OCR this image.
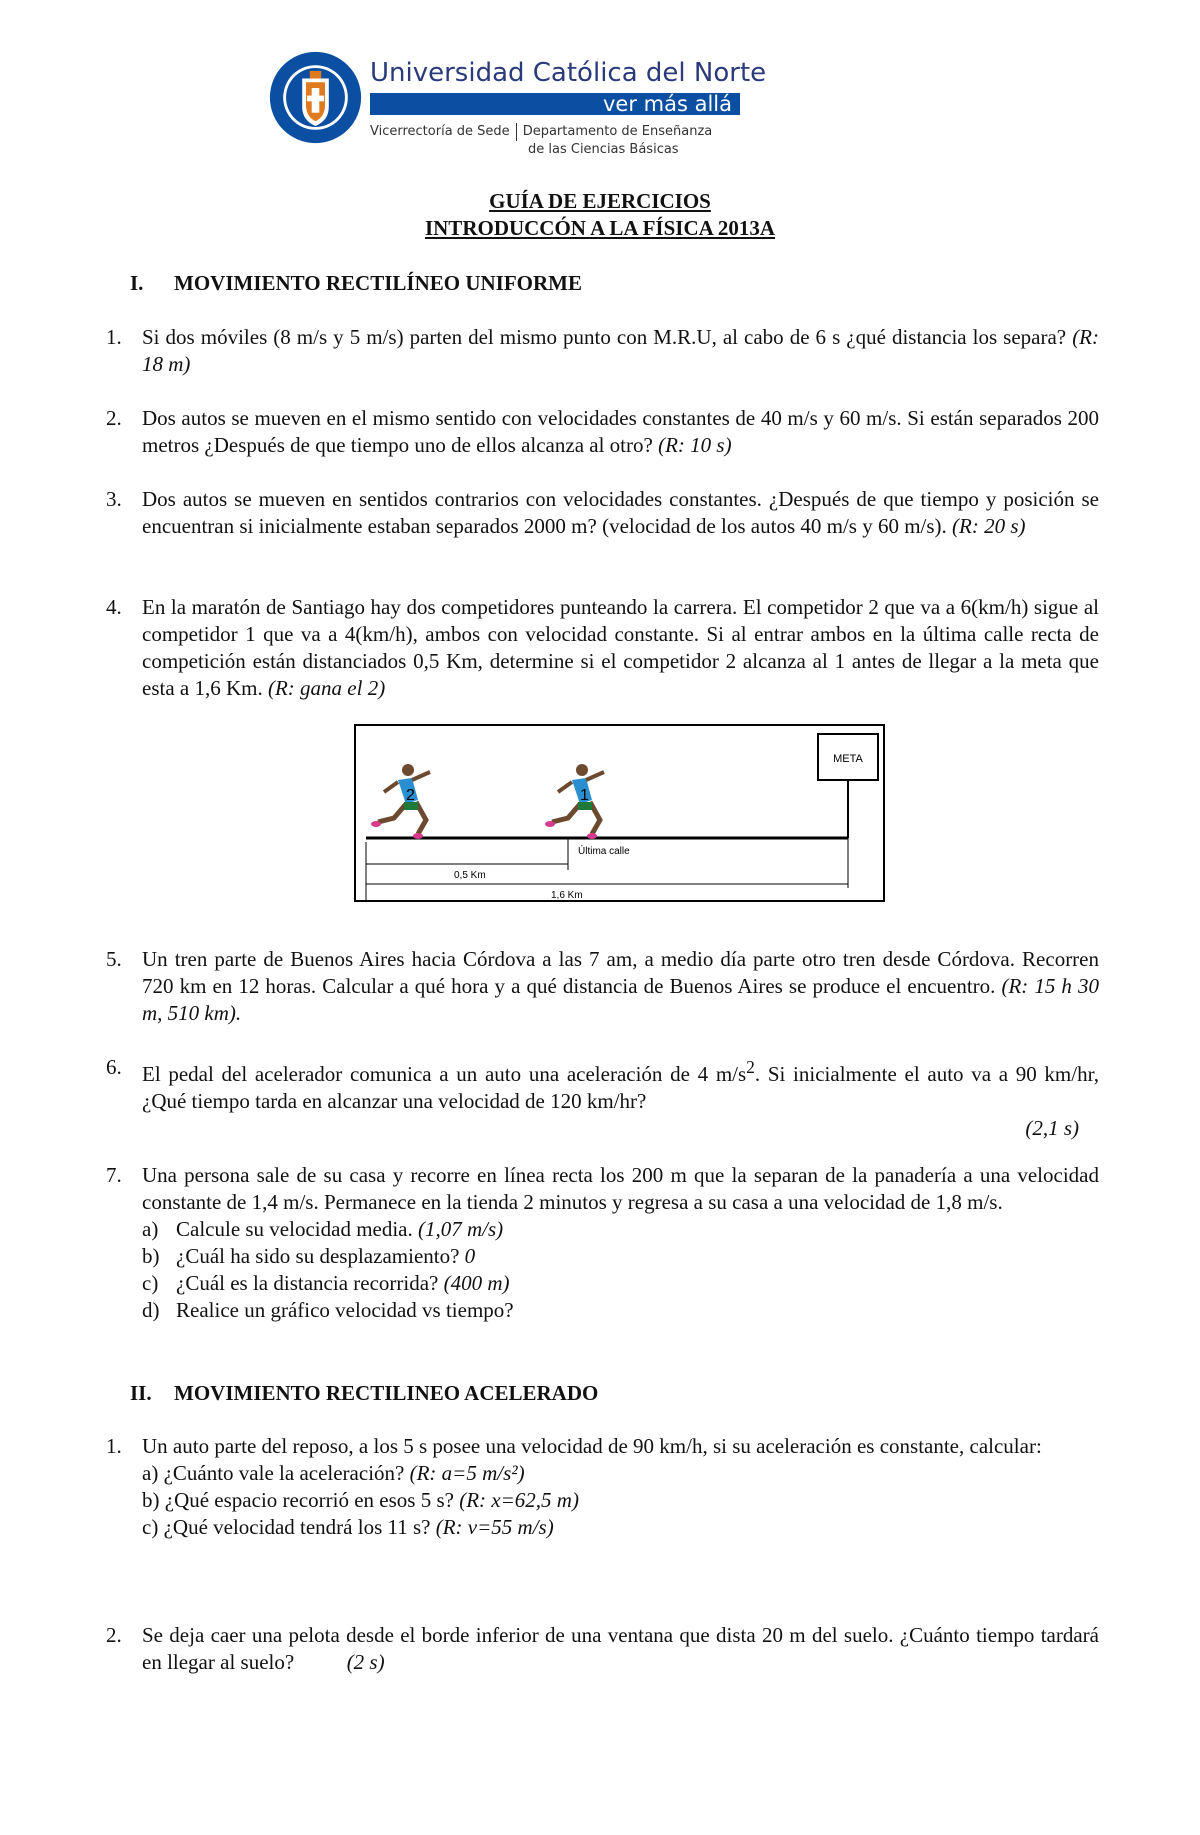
Universidad Católica del Norte
ver más allá
Vicerrectoría de Sede Departamento de Enseñanza
de las Ciencias Básicas
GUÍA DE EJERCICIOS
INTRODUCCÓN A LA FÍSICA 2013A
I. MOVIMIENTO RECTILÍNEO UNIFORME
1. Si dos móviles (8 m/s y 5 m/s) parten del mismo punto con M.R.U, al cabo de 6 s ¿qué distancia los separa? (R: 18 m)
2. Dos autos se mueven en el mismo sentido con velocidades constantes de 40 m/s y 60 m/s. Si están separados 200 metros ¿Después de que tiempo uno de ellos alcanza al otro? (R: 10 s)
3. Dos autos se mueven en sentidos contrarios con velocidades constantes. ¿Después de que tiempo y posición se encuentran si inicialmente estaban separados 2000 m? (velocidad de los autos 40 m/s y 60 m/s). (R: 20 s)
4. En la maratón de Santiago hay dos competidores punteando la carrera. El competidor 2 que va a 6(km/h) sigue al competidor 1 que va a 4(km/h), ambos con velocidad constante. Si al entrar ambos en la última calle recta de competición están distanciados 0,5 Km, determine si el competidor 2 alcanza al 1 antes de llegar a la meta que esta a 1,6 Km. (R: gana el 2)
META
2	1
Última calle
0,5 Km
1,6 Km
5. Un tren parte de Buenos Aires hacia Córdova a las 7 am, a medio día parte otro tren desde Córdova. Recorren 720 km en 12 horas. Calcular a qué hora y a qué distancia de Buenos Aires se produce el encuentro. (R: 15 h 30 m, 510 km).
6. El pedal del acelerador comunica a un auto una aceleración de 4 $m/s^2$. Si inicialmente el auto va a 90 km/hr, ¿Qué tiempo tarda en alcanzar una velocidad de 120 km/hr?
(2,1 s)
7. Una persona sale de su casa y recorre en línea recta los 200 m que la separan de la panadería a una velocidad constante de 1,4 m/s. Permanece en la tienda 2 minutos y regresa a su casa a una velocidad de 1,8 m/s.
a) Calcule su velocidad media. (1,07 m/s)
b) ¿Cuál ha sido su desplazamiento? 0
c) ¿Cuál es la distancia recorrida? (400 m)
d) Realice un gráfico velocidad vs tiempo?
II. MOVIMIENTO RECTILINEO ACELERADO
1. Un auto parte del reposo, a los 5 s posee una velocidad de 90 km/h, si su aceleración es constante, calcular:
a) ¿Cuánto vale la aceleración? (R: a=5 m/s²)
b) ¿Qué espacio recorrió en esos 5 s? (R: x=62,5 m)
c) ¿Qué velocidad tendrá los 11 s? (R: v=55 m/s)
2. Se deja caer una pelota desde el borde inferior de una ventana que dista 20 m del suelo. ¿Cuánto tiempo tardará en llegar al suelo?	(2 s)
